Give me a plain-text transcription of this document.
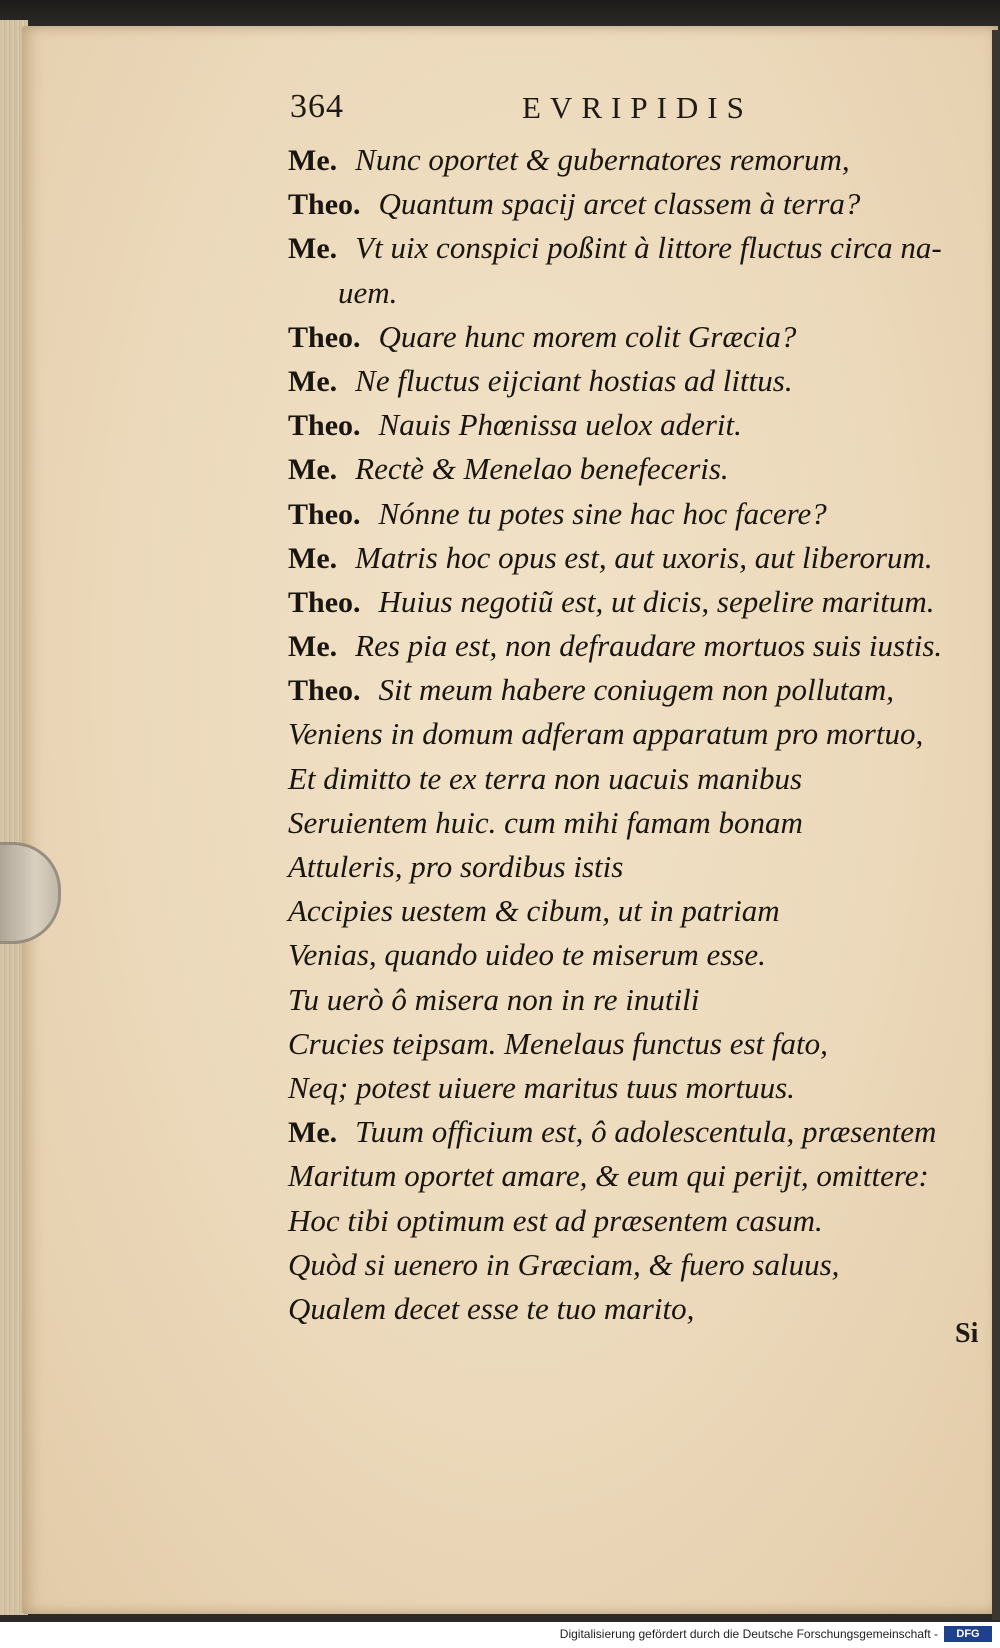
364	EVRIPIDIS
Me. Nunc oportet & gubernatores remorum,
Theo. Quantum spacij arcet classem à terra?
Me. Vt uix conspici poßint à littore fluctus circa na-
uem.
Theo. Quare hunc morem colit Græcia?
Me. Ne fluctus eijciant hostias ad littus.
Theo. Nauis Phœnissa uelox aderit.
Me. Rectè & Menelao benefeceris.
Theo. Nónne tu potes sine hac hoc facere?
Me. Matris hoc opus est, aut uxoris, aut liberorum.
Theo. Huius negotiũ est, ut dicis, sepelire maritum.
Me. Res pia est, non defraudare mortuos suis iustis.
Theo. Sit meum habere coniugem non pollutam,
Veniens in domum adferam apparatum pro mortuo,
Et dimitto te ex terra non uacuis manibus
Seruientem huic. cum mihi famam bonam
Attuleris, pro sordibus istis
Accipies uestem & cibum, ut in patriam
Venias, quando uideo te miserum esse.
Tu uerò ô misera non in re inutili
Crucies teipsam. Menelaus functus est fato,
Neq; potest uiuere maritus tuus mortuus.
Me. Tuum officium est, ô adolescentula, præsentem
Maritum oportet amare, & eum qui perijt, omittere:
Hoc tibi optimum est ad præsentem casum.
Quòd si uenero in Græciam, & fuero saluus,
Qualem decet esse te tuo marito,
Si
Digitalisierung gefördert durch die Deutsche Forschungsgemeinschaft -	DFG
